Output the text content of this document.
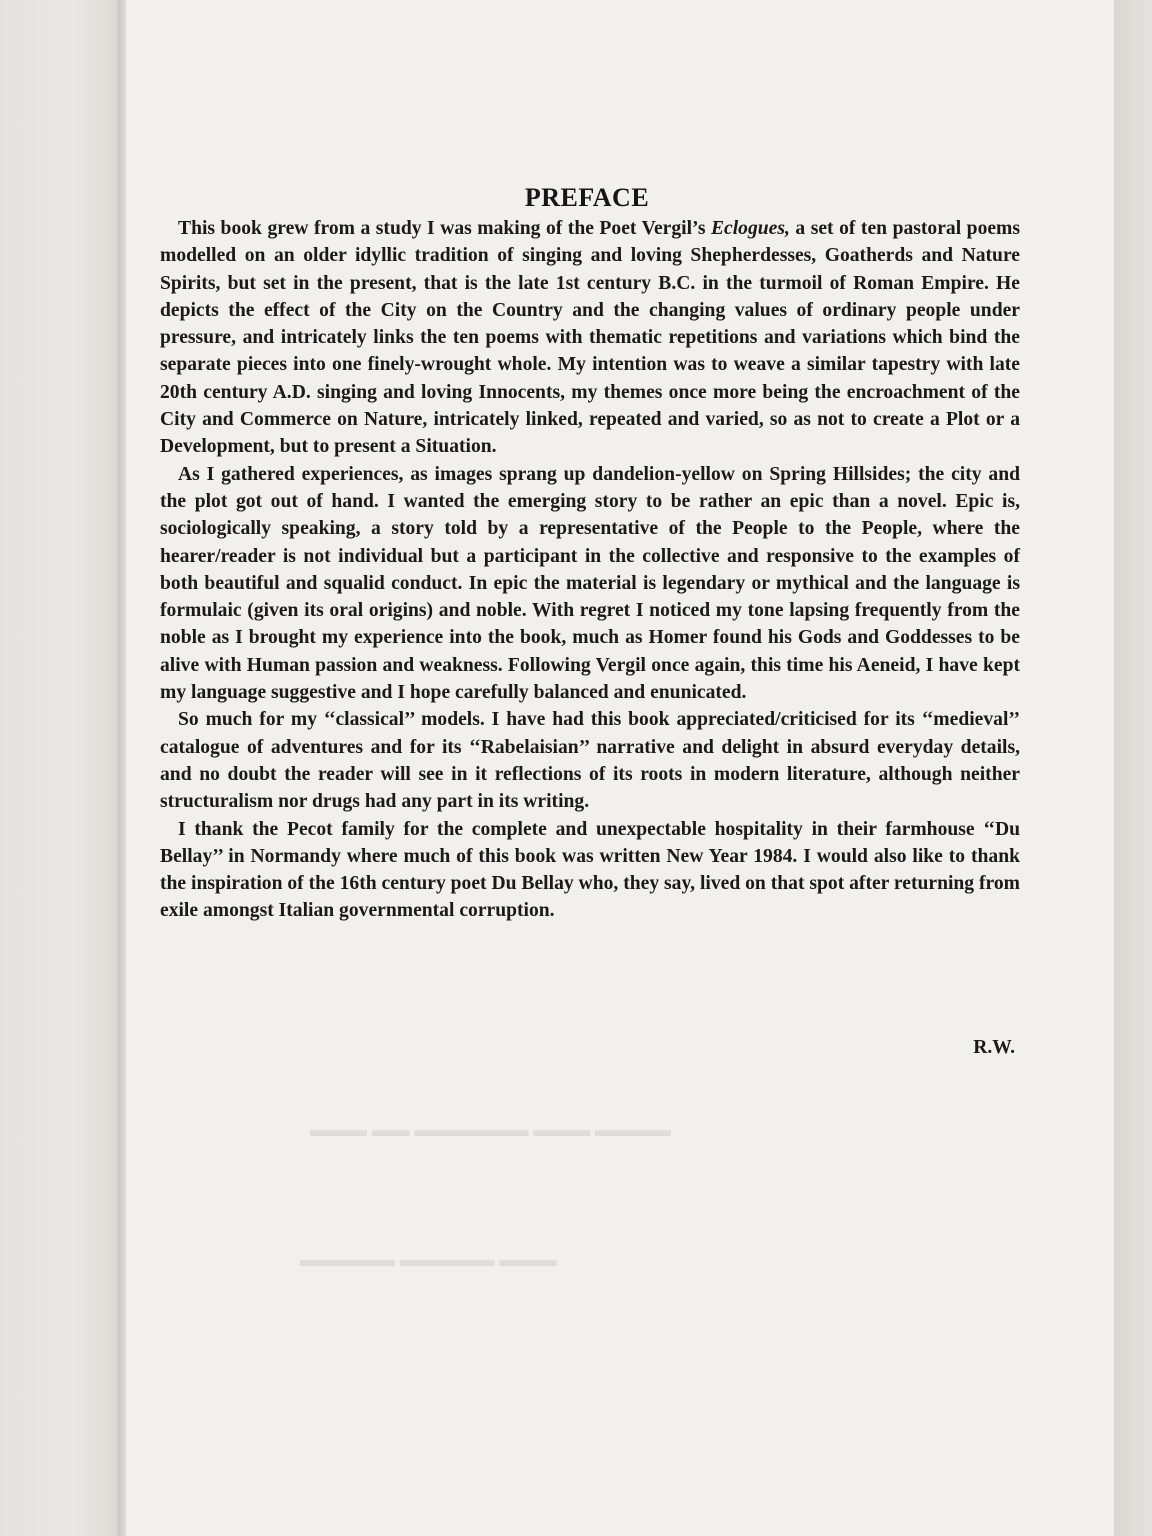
▬▬▬▬ ▬▬▬ ▬▬▬▬▬▬ ▬▬ ▬▬▬
▬▬▬ ▬▬▬▬▬ ▬▬▬▬▬
PREFACE

This book grew from a study I was making of the Poet Vergil’s Eclogues, a set of ten pastoral poems modelled on an older idyllic tradition of singing and loving Shepherdesses, Goatherds and Nature Spirits, but set in the present, that is the late 1st century B.C. in the turmoil of Roman Empire. He depicts the effect of the City on the Country and the changing values of ordinary people under pressure, and intricately links the ten poems with thematic repetitions and variations which bind the separate pieces into one finely-wrought whole. My intention was to weave a similar tapestry with late 20th century A.D. singing and loving Innocents, my themes once more being the encroachment of the City and Commerce on Nature, intricately linked, repeated and varied, so as not to create a Plot or a Development, but to present a Situation.

As I gathered experiences, as images sprang up dandelion-yellow on Spring Hillsides; the city and the plot got out of hand. I wanted the emerging story to be rather an epic than a novel. Epic is, sociologically speaking, a story told by a representative of the People to the People, where the hearer/reader is not individual but a participant in the collective and responsive to the examples of both beautiful and squalid conduct. In epic the material is legendary or mythical and the language is formulaic (given its oral origins) and noble. With regret I noticed my tone lapsing frequently from the noble as I brought my experience into the book, much as Homer found his Gods and Goddesses to be alive with Human passion and weakness. Following Vergil once again, this time his Aeneid, I have kept my language suggestive and I hope carefully balanced and enunicated.

So much for my ‘‘classical’’ models. I have had this book appreciated/criticised for its ‘‘medieval’’ catalogue of adventures and for its ‘‘Rabelaisian’’ narrative and delight in absurd everyday details, and no doubt the reader will see in it reflections of its roots in modern literature, although neither structuralism nor drugs had any part in its writing.

I thank the Pecot family for the complete and unexpectable hospitality in their farmhouse ‘‘Du Bellay’’ in Normandy where much of this book was written New Year 1984. I would also like to thank the inspiration of the 16th century poet Du Bellay who, they say, lived on that spot after returning from exile amongst Italian governmental corruption.

R.W.
